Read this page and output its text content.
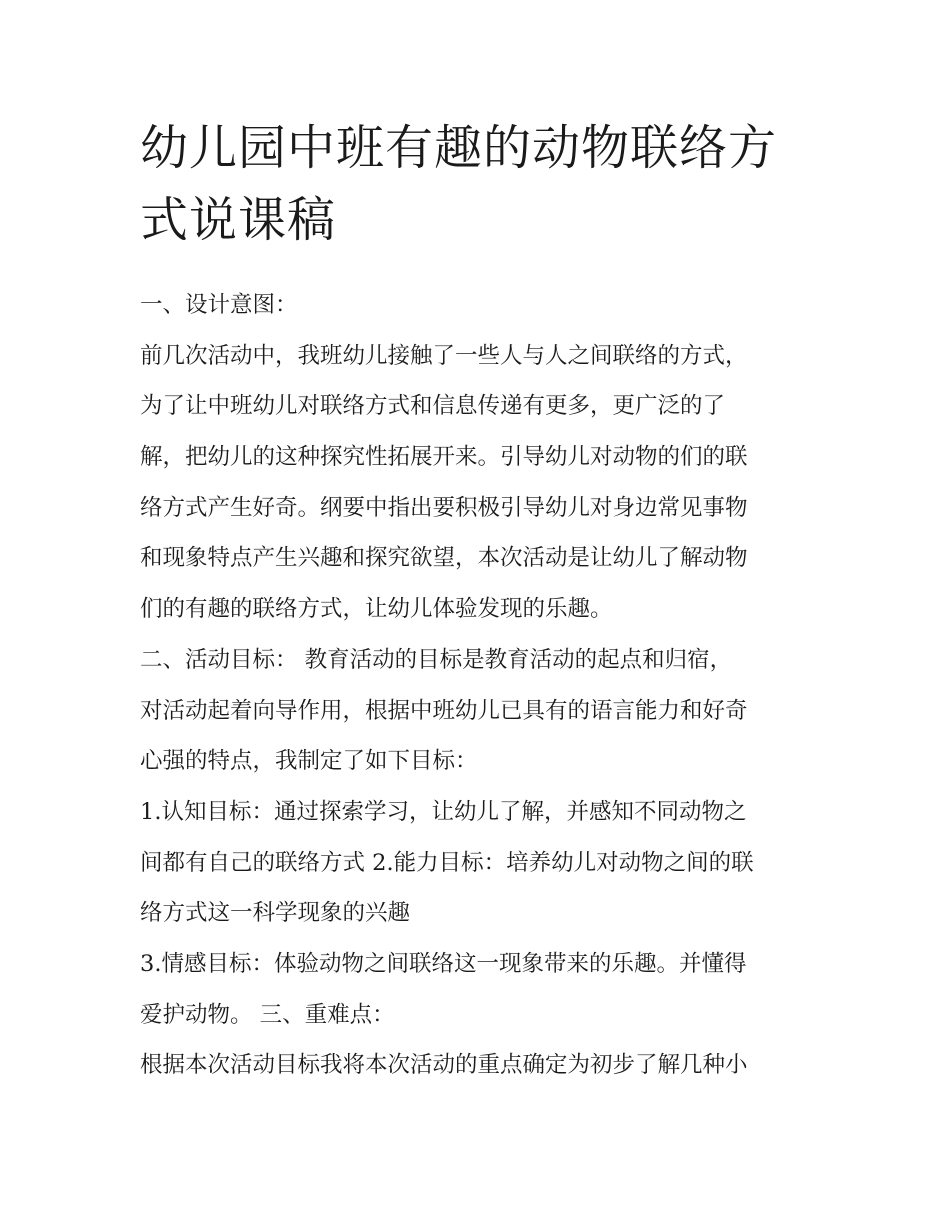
幼儿园中班有趣的动物联络方
式说课稿
一、设计意图：
前几次活动中，我班幼儿接触了一些人与人之间联络的方式，
为了让中班幼儿对联络方式和信息传递有更多，更广泛的了
解，把幼儿的这种探究性拓展开来。引导幼儿对动物的们的联
络方式产生好奇。纲要中指出要积极引导幼儿对身边常见事物
和现象特点产生兴趣和探究欲望，本次活动是让幼儿了解动物
们的有趣的联络方式，让幼儿体验发现的乐趣。
二、活动目标： 教育活动的目标是教育活动的起点和归宿，
对活动起着向导作用，根据中班幼儿已具有的语言能力和好奇
心强的特点，我制定了如下目标：
1.认知目标：通过探索学习，让幼儿了解，并感知不同动物之
间都有自己的联络方式 2.能力目标：培养幼儿对动物之间的联
络方式这一科学现象的兴趣
3.情感目标：体验动物之间联络这一现象带来的乐趣。并懂得
爱护动物。 三、重难点：
根据本次活动目标我将本次活动的重点确定为初步了解几种小
